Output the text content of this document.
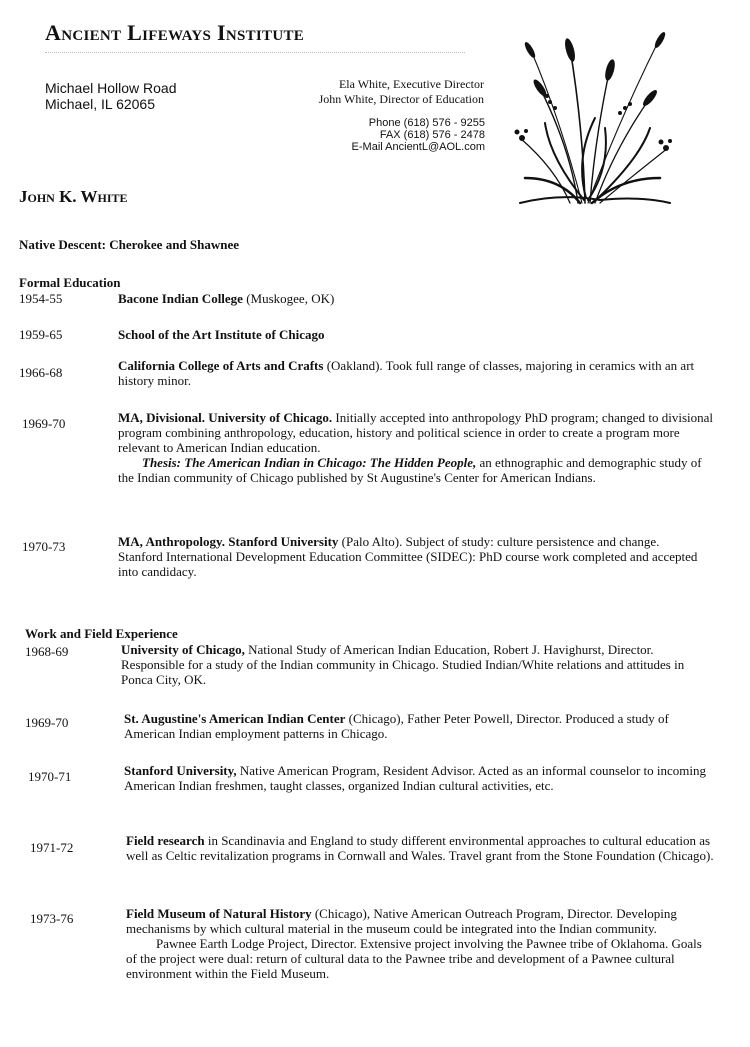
Ancient Lifeways Institute
Michael Hollow Road
Michael, IL 62065
Ela White, Executive Director
John White, Director of Education
Phone (618) 576 - 9255
FAX (618) 576 - 2478
E-Mail AncientL@AOL.com
John K. White
Native Descent: Cherokee and Shawnee
Formal Education
1954-55	Bacone Indian College (Muskogee, OK)
1959-65	School of the Art Institute of Chicago
1966-68	California College of Arts and Crafts (Oakland). Took full range of classes, majoring in ceramics with an art history minor.
1969-70	MA, Divisional. University of Chicago. Initially accepted into anthropology PhD program; changed to divisional program combining anthropology, education, history and political science in order to create a program more relevant to American Indian education.
Thesis: The American Indian in Chicago: The Hidden People, an ethnographic and demographic study of the Indian community of Chicago published by St Augustine's Center for American Indians.
1970-73	MA, Anthropology. Stanford University (Palo Alto). Subject of study: culture persistence and change. Stanford International Development Education Committee (SIDEC): PhD course work completed and accepted into candidacy.
Work and Field Experience
1968-69	University of Chicago, National Study of American Indian Education, Robert J. Havighurst, Director. Responsible for a study of the Indian community in Chicago. Studied Indian/White relations and attitudes in Ponca City, OK.
1969-70	St. Augustine's American Indian Center (Chicago), Father Peter Powell, Director. Produced a study of American Indian employment patterns in Chicago.
1970-71	Stanford University, Native American Program, Resident Advisor. Acted as an informal counselor to incoming American Indian freshmen, taught classes, organized Indian cultural activities, etc.
1971-72	Field research in Scandinavia and England to study different environmental approaches to cultural education as well as Celtic revitalization programs in Cornwall and Wales. Travel grant from the Stone Foundation (Chicago).
1973-76	Field Museum of Natural History (Chicago), Native American Outreach Program, Director. Developing mechanisms by which cultural material in the museum could be integrated into the Indian community.
Pawnee Earth Lodge Project, Director. Extensive project involving the Pawnee tribe of Oklahoma. Goals of the project were dual: return of cultural data to the Pawnee tribe and development of a Pawnee cultural environment within the Field Museum.
